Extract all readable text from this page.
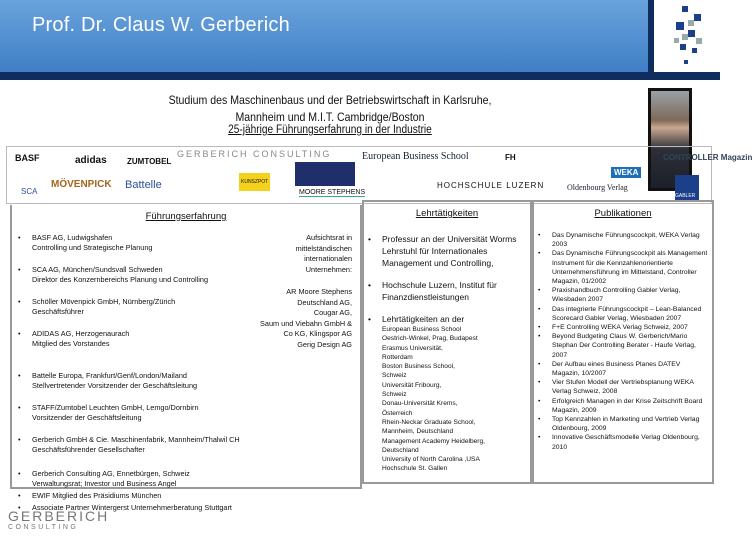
Prof. Dr. Claus W. Gerberich

Studium des Maschinenbaus und der Betriebswirtschaft in Karlsruhe,

Mannheim und M.I.T. Cambridge/Boston

25-jährige Führungserfahrung in der Industrie
BASF	adidas	ZUMTOBEL
GERBERICH CONSULTING	European Business School	FH	CONTROLLER Magazin
SCA
MÖVENPICK Battelle	KUNSZPOT
MOORE STEPHENS
HOCHSCHULE LUZERN	Oldenbourg Verlag
WEKA
GABLER
Führungserfahrung
• BASF AG, Ludwigshafen
Controlling und Strategische Planung
• SCA AG, München/Sundsvall Schweden
Direktor des Konzernbereichs Planung und Controlling
• Schöller Mövenpick GmbH, Nürnberg/Zürich
Geschäftsführer
• ADIDAS AG, Herzogenaurach
Mitglied des Vorstandes
• Battelle Europa, Frankfurt/Genf/London/Mailand
Stellvertretender Vorsitzender der Geschäftsleitung
• STAFF/Zumtobel Leuchten GmbH, Lemgo/Dornbirn
Vorsitzender der Geschäftsleitung
• Gerberich GmbH & Cie. Maschinenfabrik, Mannheim/Thalwil CH
Geschäftsführender Gesellschafter
• Gerberich Consulting AG, Ennetbürgen, Schweiz
Verwaltungsrat; Investor und Business Angel
• EWIF Mitglied des Präsidiums München
• Associate Partner Wintergerst Unternehmerberatung Stuttgart
Aufsichtsrat in
mittelständischen
internationalen
Unternehmen:
AR Moore Stephens
Deutschland AG,
Cougar AG,
Saum und Viebahn GmbH &
Co KG, Klingspor AG
Gerig Design AG
Lehrtätigkeiten
• Professur an der Universität Worms Lehrstuhl für Internationales Management und Controlling,
• Hochschule Luzern, Institut für Finanzdienstleistungen
• Lehrtätigkeiten an der
European Business School
Oestrich-Winkel, Prag, Budapest
Erasmus Universität,
Rotterdam
Boston Business School,
Schweiz
Universität Fribourg,
Schweiz
Donau-Universität Krems,
Österreich
Rhein-Neckar Graduate School,
Mannheim, Deutschland
Management Academy Heidelberg,
Deutschland
University of North Carolina ,USA
Hochschule St. Gallen
Publikationen
• Das Dynamische Führungscockpit, WEKA Verlag 2003
• Das Dynamische Führungscockpit als Management Instrument für die Kennzahlenorientierte Unternehmensführung im Mittelstand, Controller Magazin, 01/2002
• Praxishandbuch Controlling Gabler Verlag, Wiesbaden 2007
• Das integrierte Führungscockpit – Lean-Balanced Scorecard Gabler Verlag, Wiesbaden 2007
• F+E Controlling WEKA Verlag Schweiz, 2007
• Beyond Budgeting Claus W. Gerberich/Mario Stephan Der Controlling Berater - Haufe Verlag, 2007
• Der Aufbau eines Business Planes DATEV Magazin, 10/2007
• Vier Stufen Modell der Vertriebsplanung WEKA Verlag Schweiz, 2008
• Erfolgreich Managen in der Krise Zeitschrift Board Magazin, 2009
• Top Kennzahlen in Marketing und Vertrieb Verlag Oldenbourg, 2009
• Innovative Geschäftsmodelle Verlag Oldenbourg, 2010
GERBERICH
CONSULTING
